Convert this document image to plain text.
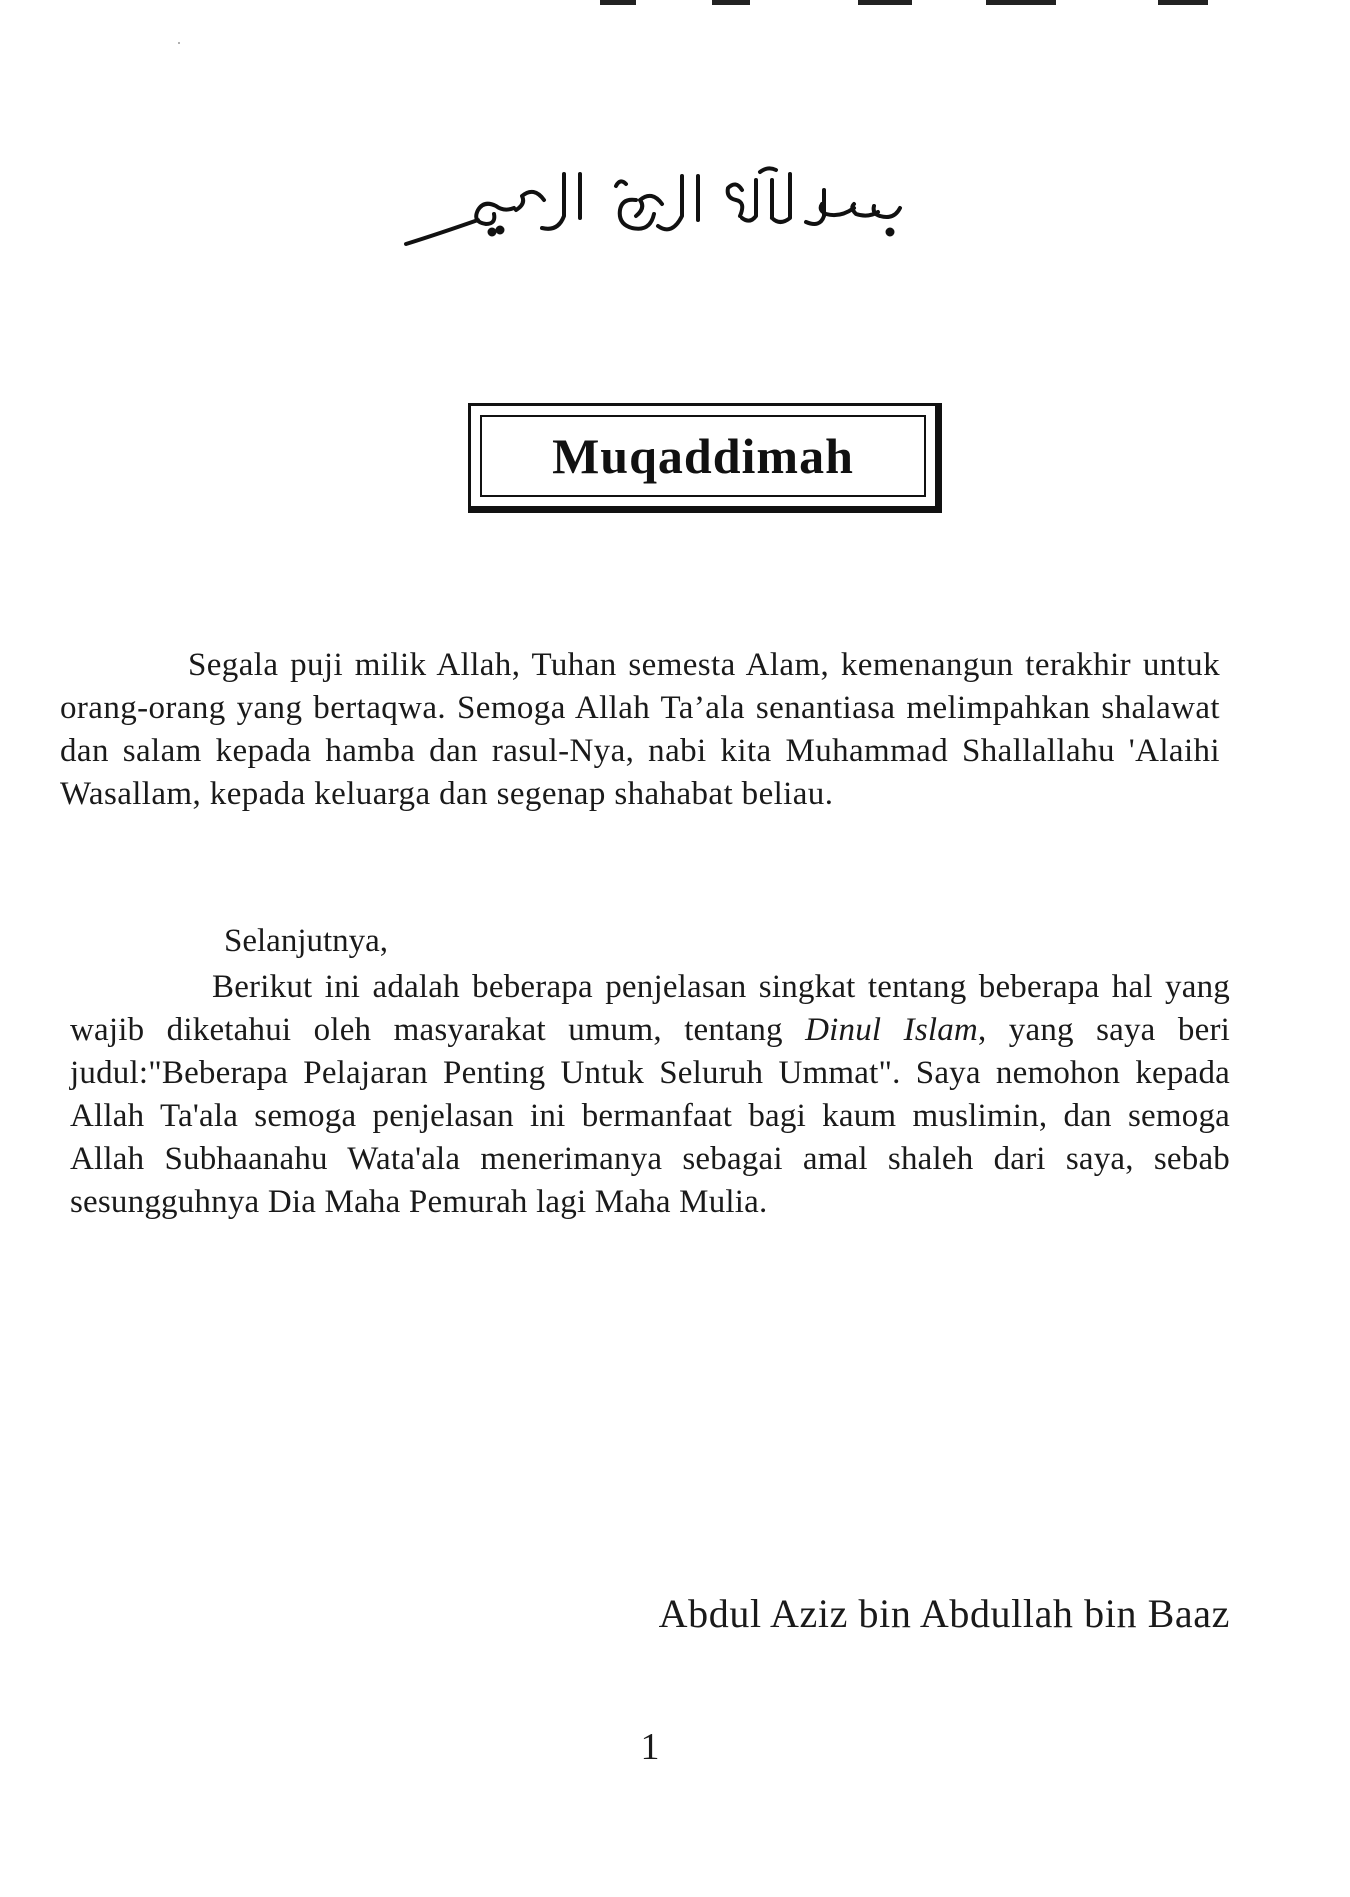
Muqaddimah

Segala puji milik Allah, Tuhan semesta Alam, kemenangun terakhir untuk orang-orang yang bertaqwa. Semoga Allah Ta’ala senantiasa melimpahkan shalawat dan salam kepada hamba dan rasul-Nya, nabi kita Muhammad Shallallahu 'Alaihi Wasallam, kepada keluarga dan segenap shahabat beliau.

Selanjutnya,

Berikut ini adalah beberapa penjelasan singkat tentang beberapa hal yang wajib diketahui oleh masyarakat umum, tentang Dinul Islam, yang saya beri judul:"Beberapa Pelajaran Penting Untuk Seluruh Ummat". Saya nemohon kepada Allah Ta'ala semoga penjelasan ini bermanfaat bagi kaum muslimin, dan semoga Allah Subhaanahu Wata'ala menerimanya sebagai amal shaleh dari saya, sebab sesungguhnya Dia Maha Pemurah lagi Maha Mulia.

Abdul Aziz bin Abdullah bin Baaz
1
